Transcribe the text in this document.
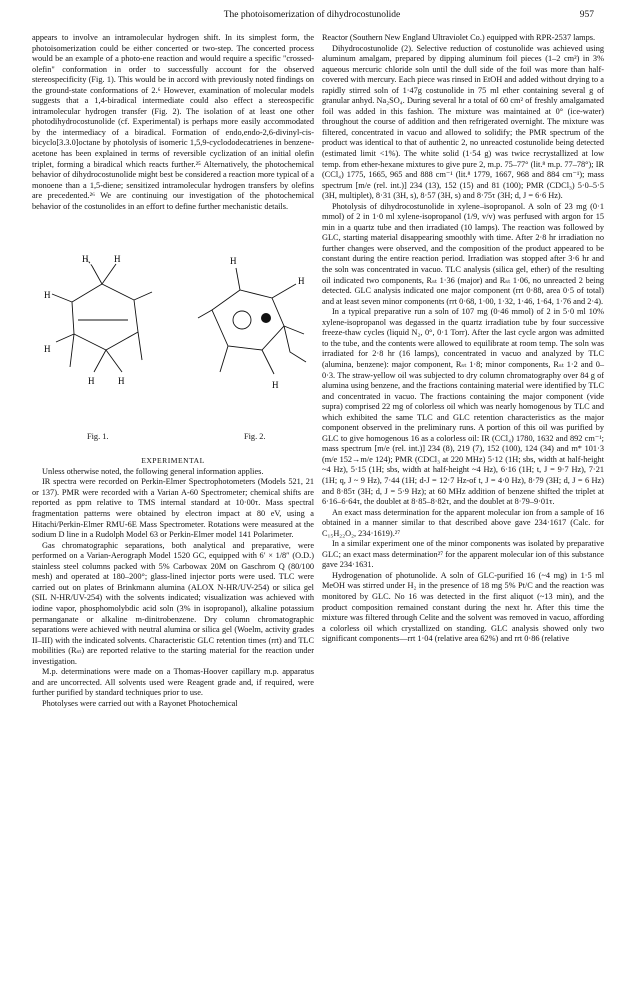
The photoisomerization of dihydrocostunolide	957

appears to involve an intramolecular hydrogen shift. In its simplest form, the photoisomerization could be either concerted or two-step. The concerted process would be an example of a photo-ene reaction and would require a specific "crossed-olefin" conformation in order to successfully account for the observed stereospecificity (Fig. 1). This would be in accord with previously noted findings on the ground-state conformations of 2.⁶ However, examination of molecular models suggests that a 1,4-biradical intermediate could also effect a stereospecific intramolecular hydrogen transfer (Fig. 2). The isolation of at least one other photodihydrocostunolide (cf. Experimental) is perhaps more easily accommodated by the intermediacy of a biradical. Formation of endo,endo-2,6-divinyl-cis-bicyclo[3.3.0]octane by photolysis of isomeric 1,5,9-cyclododecatrienes in benzene-acetone has been explained in terms of reversible cyclization of an initial olefin triplet, forming a biradical which reacts further.²⁵ Alternatively, the photochemical behavior of dihydrocostunolide might best be considered a reaction more typical of a monoene than a 1,5-diene; sensitized intramolecular hydrogen transfers by olefins are precedented.²⁶ We are continuing our investigation of the photochemical behavior of the costunolides in an effort to define further mechanistic details.

H	H
H
H
H	H
H
H
H
Fig. 1.	Fig. 2.

EXPERIMENTAL

Unless otherwise noted, the following general information applies.

IR spectra were recorded on Perkin-Elmer Spectrophotometers (Models 521, 21 or 137). PMR were recorded with a Varian A-60 Spectrometer; chemical shifts are reported as ppm relative to TMS internal standard at 10·00τ. Mass spectral fragmentation patterns were obtained by electron impact at 80 eV, using a Hitachi/Perkin-Elmer RMU-6E Mass Spectrometer. Rotations were measured at the sodium D line in a Rudolph Model 63 or Perkin-Elmer model 141 Polarimeter.

Gas chromatographic separations, both analytical and preparative, were performed on a Varian-Aerograph Model 1520 GC, equipped with 6′ × 1/8″ (O.D.) stainless steel columns packed with 5% Carbowax 20M on Gaschrom Q (80/100 mesh) and operated at 180–200°; glass-lined injector ports were used. TLC were carried out on plates of Brinkmann alumina (ALOX N-HR/UV-254) or silica gel (SIL N-HR/UV-254) with the solvents indicated; visualization was achieved with iodine vapor, phosphomolybdic acid soln (3% in isopropanol), alkaline potassium permanganate or alkaline m-dinitrobenzene. Dry column chromatographic separations were achieved with neutral alumina or silica gel (Woelm, activity grades II–III) with the indicated solvents. Characteristic GLC retention times (rrt) and TLC mobilities (Rₛₜ) are reported relative to the starting material for the reaction under investigation.

M.p. determinations were made on a Thomas-Hoover capillary m.p. apparatus and are uncorrected. All solvents used were Reagent grade and, if required, were further purified by standard techniques prior to use.

Photolyses were carried out with a Rayonet Photochemical

Reactor (Southern New England Ultraviolet Co.) equipped with RPR-2537 lamps.

Dihydrocostunolide (2). Selective reduction of costunolide was achieved using aluminum amalgam, prepared by dipping aluminum foil pieces (1–2 cm²) in 3% aqueous mercuric chloride soln until the dull side of the foil was more than half-covered with mercury. Each piece was rinsed in EtOH and added without drying to a rapidly stirred soln of 1·47g costunolide in 75 ml ether containing several g of granular anhyd. Na₂SO₄. During several hr a total of 60 cm² of freshly amalgamated foil was added in this fashion. The mixture was maintained at 0° (ice-water) throughout the course of addition and then refrigerated overnight. The mixture was filtered, concentrated in vacuo and allowed to solidify; the PMR spectrum of the product was identical to that of authentic 2, no unreacted costunolide being detected (estimated limit <1%). The white solid (1·54 g) was twice recrystallized at low temp. from ether-hexane mixtures to give pure 2, m.p. 75–77° (lit.⁸ m.p. 77–78°); IR (CCl₄) 1775, 1665, 965 and 888 cm⁻¹ (lit.⁸ 1779, 1667, 968 and 884 cm⁻¹); mass spectrum [m/e (rel. int.)] 234 (13), 152 (15) and 81 (100); PMR (CDCl₃) 5·0–5·5 (3H, multiplet), 8·31 (3H, s), 8·57 (3H, s) and 8·75τ (3H; d, J = 6·6 Hz).

Photolysis of dihydrocostunolide in xylene–isopropanol. A soln of 23 mg (0·1 mmol) of 2 in 1·0 ml xylene-isopropanol (1/9, v/v) was perfused with argon for 15 min in a quartz tube and then irradiated (10 lamps). The reaction was followed by GLC, starting material disappearing smoothly with time. After 2·8 hr irradiation no further changes were observed, and the composition of the product appeared to be constant during the entire reaction period. Irradiation was stopped after 3·6 hr and the soln was concentrated in vacuo. TLC analysis (silica gel, ether) of the resulting oil indicated two components, Rₛₜ 1·36 (major) and Rₛₜ 1·06, no unreacted 2 being detected. GLC analysis indicated one major component (rrt 0·88, area 0·5 of total) and at least seven minor components (rrt 0·68, 1·00, 1·32, 1·46, 1·64, 1·76 and 2·4).

In a typical preparative run a soln of 107 mg (0·46 mmol) of 2 in 5·0 ml 10% xylene-isopropanol was degassed in the quartz irradiation tube by four successive freeze-thaw cycles (liquid N₂, 0°, 0·1 Torr). After the last cycle argon was admitted to the tube, and the contents were allowed to equilibrate at room temp. The soln was irradiated for 2·8 hr (16 lamps), concentrated in vacuo and analyzed by TLC (alumina, benzene): major component, Rₛₜ 1·8; minor components, Rₛₜ 1·2 and 0–0·3. The straw-yellow oil was subjected to dry column chromatography over 84 g of alumina using benzene, and the fractions containing material were identified by TLC and concentrated in vacuo. The fractions containing the major component (vide supra) comprised 22 mg of colorless oil which was nearly homogenous by TLC and which exhibited the same TLC and GLC retention characteristics as the major component observed in the preliminary runs. A portion of this oil was purified by GLC to give homogenous 16 as a colorless oil: IR (CCl₄) 1780, 1632 and 892 cm⁻¹; mass spectrum [m/e (rel. int.)] 234 (8), 219 (7), 152 (100), 124 (34) and m* 101·3 (m/e 152→m/e 124); PMR (CDCl₃ at 220 MHz) 5·12 (1H; sbs, width at half-height ~4 Hz), 5·15 (1H; sbs, width at half-height ~4 Hz), 6·16 (1H; t, J = 9·7 Hz), 7·21 (1H; q, J ~ 9 Hz), 7·44 (1H; d-J = 12·7 Hz-of t, J = 4·0 Hz), 8·79 (3H; d, J = 6 Hz) and 8·85τ (3H; d, J = 5·9 Hz); at 60 MHz addition of benzene shifted the triplet at 6·16–6·64τ, the doublet at 8·85–8·82τ, and the doublet at 8·79–9·01τ.

An exact mass determination for the apparent molecular ion from a sample of 16 obtained in a manner similar to that described above gave 234·1617 (Calc. for C₁₅H₂₂O₂, 234·1619).²⁷

In a similar experiment one of the minor components was isolated by preparative GLC; an exact mass determination²⁷ for the apparent molecular ion of this substance gave 234·1631.

Hydrogenation of photunolide. A soln of GLC-purified 16 (~4 mg) in 1·5 ml MeOH was stirred under H₂ in the presence of 18 mg 5% Pt/C and the reaction was monitored by GLC. No 16 was detected in the first aliquot (~13 min), and the product composition remained constant during the next hr. After this time the mixture was filtered through Celite and the solvent was removed in vacuo, affording a colorless oil which crystallized on standing. GLC analysis showed only two significant components—rrt 1·04 (relative area 62%) and rrt 0·86 (relative
